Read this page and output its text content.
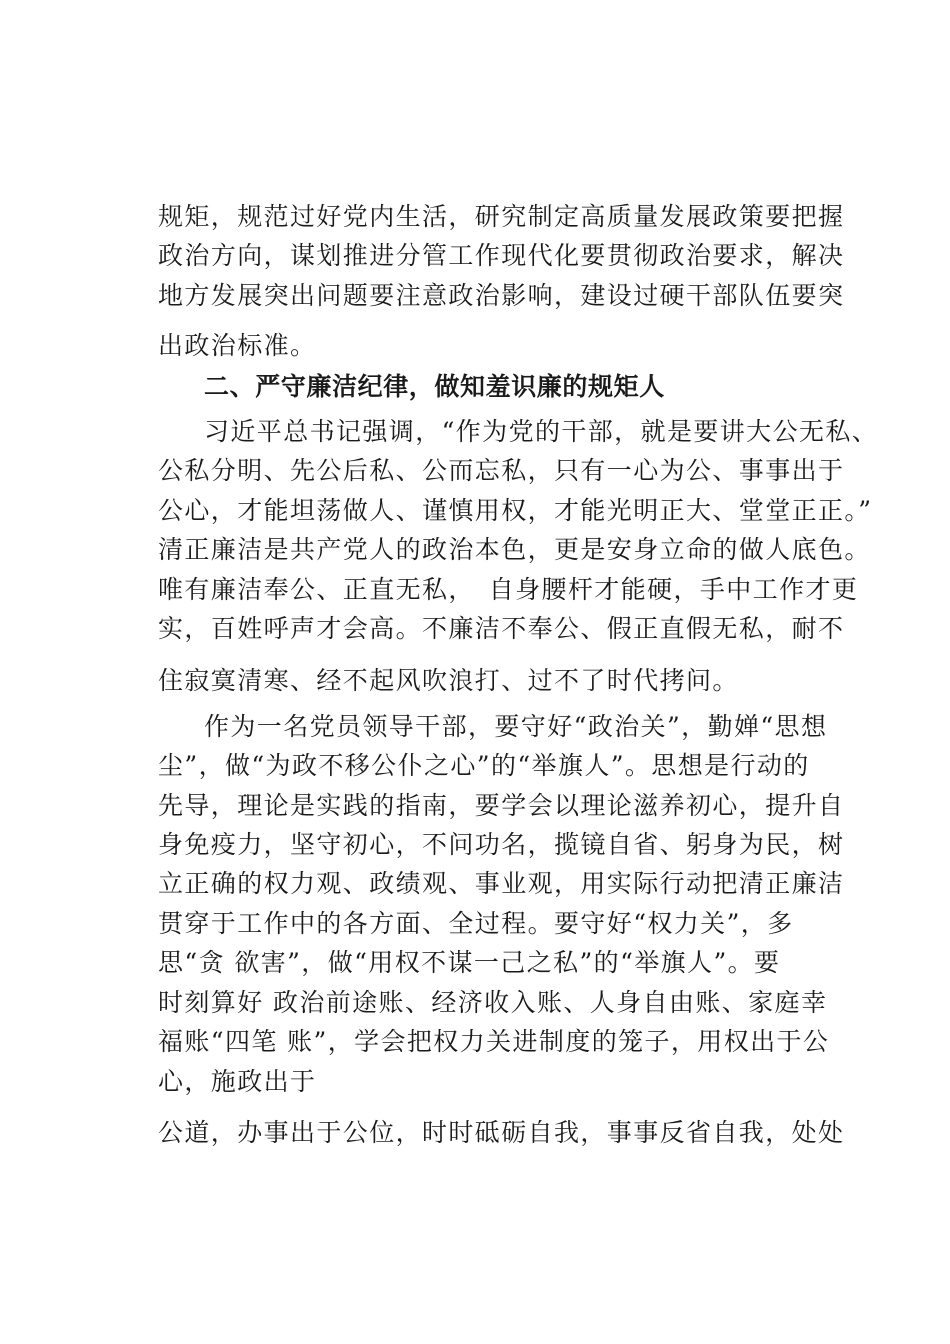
规矩，规范过好党内生活，研究制定高质量发展政策要把握
政治方向，谋划推进分管工作现代化要贯彻政治要求，解决
地方发展突出问题要注意政治影响，建设过硬干部队伍要突
出政治标准。
二、严守廉洁纪律，做知羞识廉的规矩人
习近平总书记强调，“作为党的干部，就是要讲大公无私、
公私分明、先公后私、公而忘私，只有一心为公、事事出于
公心，才能坦荡做人、谨慎用权，才能光明正大、堂堂正正。”
清正廉洁是共产党人的政治本色，更是安身立命的做人底色。
唯有廉洁奉公、正直无私，　自身腰杆才能硬，手中工作才更
实，百姓呼声才会高。不廉洁不奉公、假正直假无私，耐不
住寂寞清寒、经不起风吹浪打、过不了时代拷问。
作为一名党员领导干部，要守好“政治关”，勤婵“思想
尘”，做“为政不移公仆之心”的“举旗人”。思想是行动的
先导，理论是实践的指南，要学会以理论滋养初心，提升自
身免疫力，坚守初心，不问功名，揽镜自省、躬身为民，树
立正确的权力观、政绩观、事业观，用实际行动把清正廉洁
贯穿于工作中的各方面、全过程。要守好“权力关”，多
思“贪 欲害”，做“用权不谋一己之私”的“举旗人”。要
时刻算好 政治前途账、经济收入账、人身自由账、家庭幸
福账“四笔 账”，学会把权力关进制度的笼子，用权出于公
心，施政出于
公道，办事出于公位，时时砥砺自我，事事反省自我，处处
